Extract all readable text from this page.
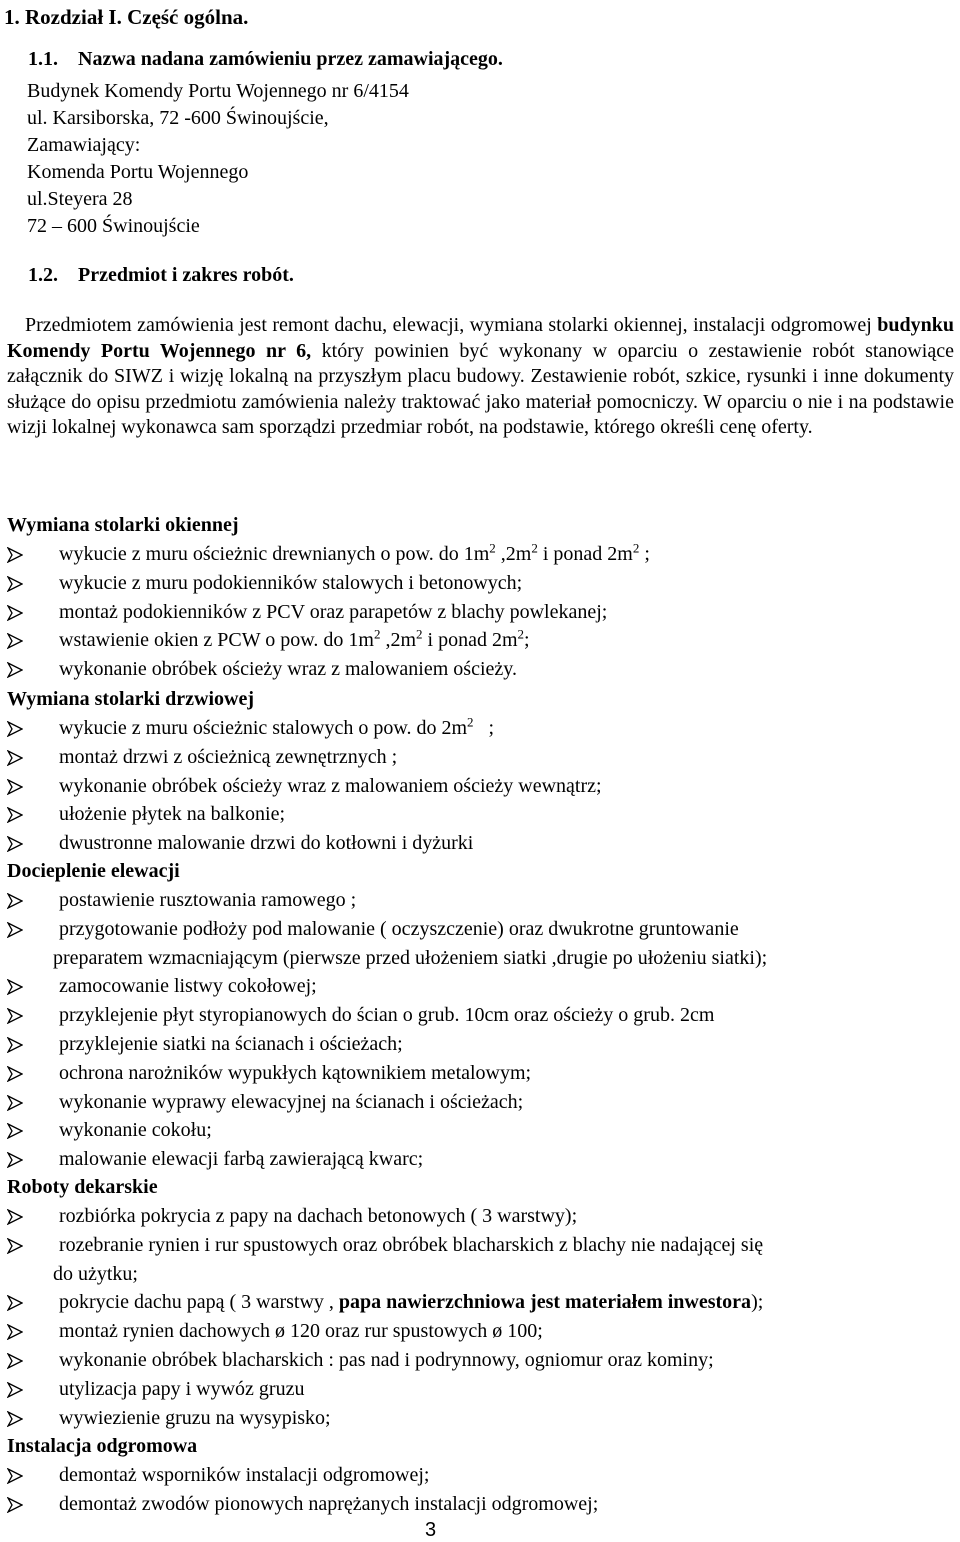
1. Rozdział I. Część ogólna.
1.1. Nazwa nadana zamówieniu przez zamawiającego.
Budynek Komendy Portu Wojennego nr 6/4154
ul. Karsiborska, 72 -600 Świnoujście,
Zamawiający:
Komenda Portu Wojennego
ul.Steyera 28
72 – 600 Świnoujście
1.2. Przedmiot i zakres robót.
Przedmiotem zamówienia jest remont dachu, elewacji, wymiana stolarki okiennej, instalacji odgromowej budynku Komendy Portu Wojennego nr 6, który powinien być wykonany w oparciu o zestawienie robót stanowiące załącznik do SIWZ i wizję lokalną na przyszłym placu budowy. Zestawienie robót, szkice, rysunki i inne dokumenty służące do opisu przedmiotu zamówienia należy traktować jako materiał pomocniczy. W oparciu o nie i na podstawie wizji lokalnej wykonawca sam sporządzi przedmiar robót, na podstawie, którego określi cenę oferty.
Wymiana stolarki okiennej
wykucie z muru ościeżnic drewnianych o pow. do $1m^2$ $,2m^2$ i ponad $2m^2$ ;
wykucie z muru podokienników stalowych i betonowych;
montaż podokienników z PCV oraz parapetów z blachy powlekanej;
wstawienie okien z PCW o pow. do $1m^2$ $,2m^2$ i ponad $2m^2$;
wykonanie obróbek ościeży wraz z malowaniem ościeży.
Wymiana stolarki drzwiowej
wykucie z muru ościeżnic stalowych o pow. do $2m^2$   ;
montaż drzwi z ościeżnicą zewnętrznych ;
wykonanie obróbek ościeży wraz z malowaniem ościeży wewnątrz;
ułożenie płytek na balkonie;
dwustronne malowanie drzwi do kotłowni i dyżurki
Docieplenie elewacji
postawienie rusztowania ramowego ;
przygotowanie podłoży pod malowanie ( oczyszczenie) oraz dwukrotne gruntowanie
preparatem wzmacniającym (pierwsze przed ułożeniem siatki ,drugie po ułożeniu siatki);
zamocowanie listwy cokołowej;
przyklejenie płyt styropianowych do ścian o grub. 10cm oraz ościeży o grub. 2cm
przyklejenie siatki na ścianach i ościeżach;
ochrona narożników wypukłych kątownikiem metalowym;
wykonanie wyprawy elewacyjnej na ścianach i ościeżach;
wykonanie cokołu;
malowanie elewacji farbą zawierającą kwarc;
Roboty dekarskie
rozbiórka pokrycia z papy na dachach betonowych ( 3 warstwy);
rozebranie rynien i rur spustowych oraz obróbek blacharskich z blachy nie nadającej się
do użytku;
pokrycie dachu papą ( 3 warstwy , papa nawierzchniowa jest materiałem inwestora);
montaż rynien dachowych ø 120 oraz rur spustowych ø 100;
wykonanie obróbek blacharskich : pas nad i podrynnowy, ogniomur oraz kominy;
utylizacja papy i wywóz gruzu
wywiezienie gruzu na wysypisko;
Instalacja odgromowa
demontaż wsporników instalacji odgromowej;
demontaż zwodów pionowych naprężanych instalacji odgromowej;
3
